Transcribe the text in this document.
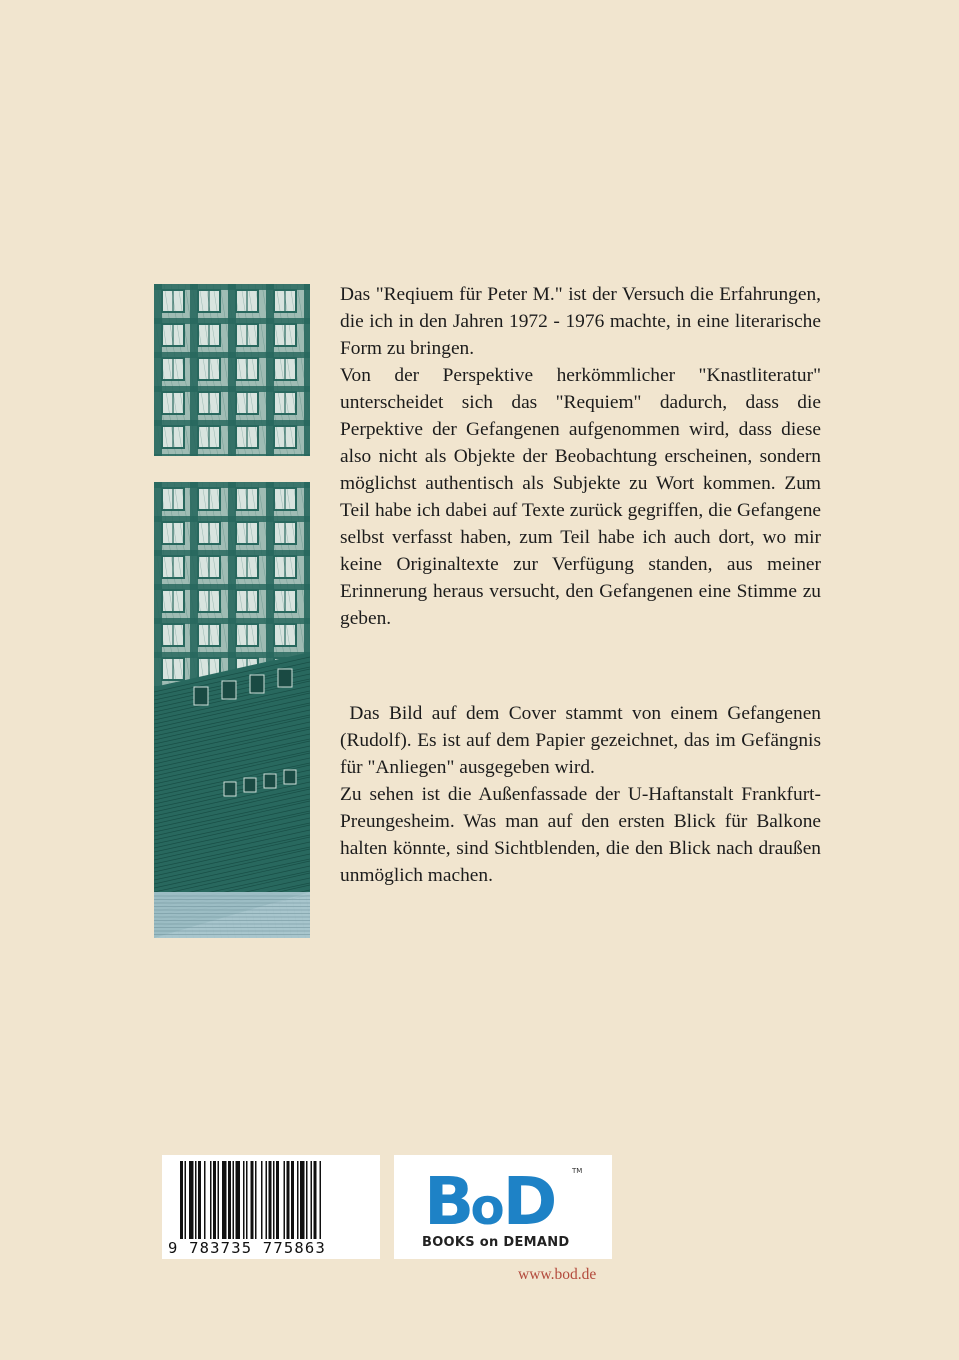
Das "Reqiuem für Peter M." ist der Versuch die Erfahrungen, die ich in den Jahren 1972 - 1976 machte, in eine literarische Form zu bringen.

Von der Perspektive herkömmlicher "Knastliteratur" unterscheidet sich das "Requiem" dadurch, dass die Perpektive der Gefangenen aufgenommen wird, dass diese also nicht als Objekte der Beobachtung erscheinen, sondern möglichst authentisch als Subjekte zu Wort kommen. Zum Teil habe ich dabei auf Texte zurück gegriffen, die Gefangene selbst verfasst haben, zum Teil habe ich auch dort, wo mir keine Originaltexte zur Verfügung standen, aus meiner Erinnerung heraus versucht, den Gefangenen eine Stimme zu geben.

Das Bild auf dem Cover stammt von einem Gefangenen (Rudolf). Es ist auf dem Papier gezeichnet, das im Gefängnis für "Anliegen" ausgegeben wird.

Zu sehen ist die Außenfassade der U-Haftanstalt Frankfurt-Preungesheim. Was man auf den ersten Blick für Balkone halten könnte, sind Sichtblenden, die den Blick nach draußen unmöglich machen.

9 783735 775863
BoD	TM
BOOKS on DEMAND
www.bod.de
